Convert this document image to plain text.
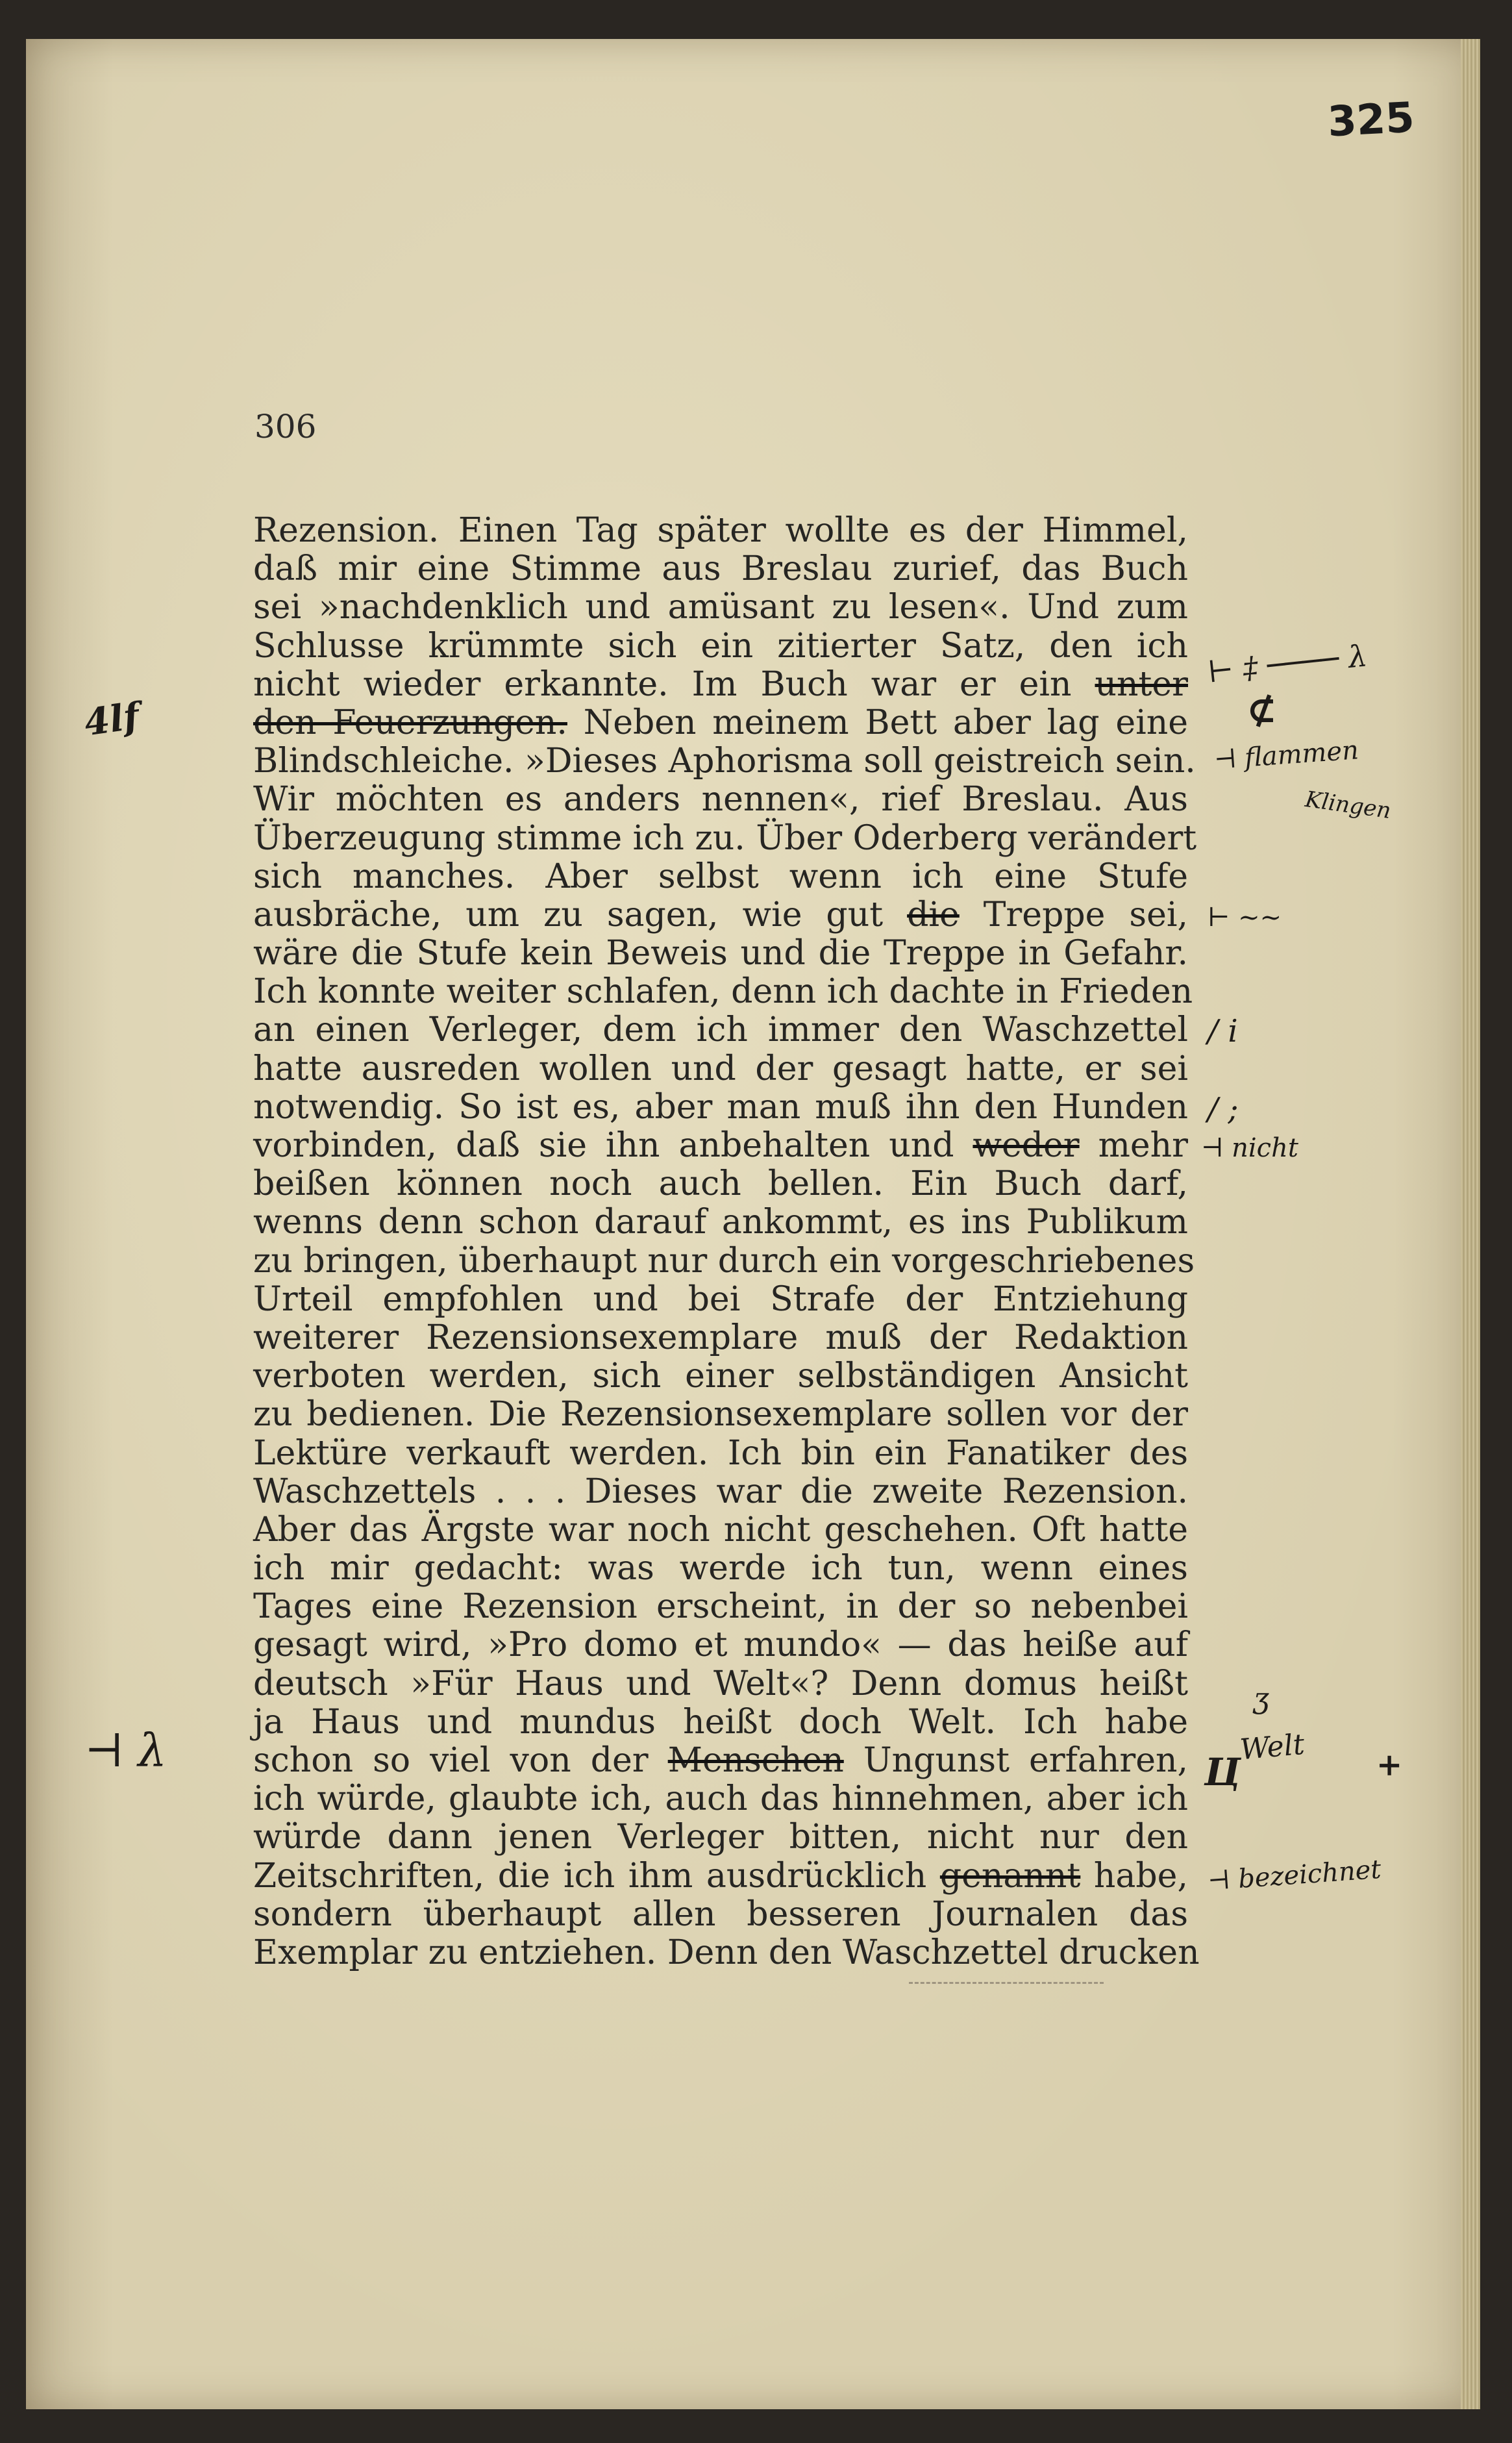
325
306
Rezension. Einen Tag später wollte es der Himmel,
daß mir eine Stimme aus Breslau zurief, das Buch
sei »nachdenklich und amüsant zu lesen«. Und zum
Schlusse krümmte sich ein zitierter Satz, den ich
nicht wieder erkannte. Im Buch war er ein unter
den Feuerzungen. Neben meinem Bett aber lag eine
Blindschleiche. »Dieses Aphorisma soll geistreich sein.
Wir möchten es anders nennen«, rief Breslau. Aus
Überzeugung stimme ich zu. Über Oderberg verändert
sich manches. Aber selbst wenn ich eine Stufe
ausbräche, um zu sagen, wie gut die Treppe sei,
wäre die Stufe kein Beweis und die Treppe in Gefahr.
Ich konnte weiter schlafen, denn ich dachte in Frieden
an einen Verleger, dem ich immer den Waschzettel
hatte ausreden wollen und der gesagt hatte, er sei
notwendig. So ist es, aber man muß ihn den Hunden
vorbinden, daß sie ihn anbehalten und weder mehr
beißen können noch auch bellen. Ein Buch darf,
wenns denn schon darauf ankommt, es ins Publikum
zu bringen, überhaupt nur durch ein vorgeschriebenes
Urteil empfohlen und bei Strafe der Entziehung
weiterer Rezensionsexemplare muß der Redaktion
verboten werden, sich einer selbständigen Ansicht
zu bedienen. Die Rezensionsexemplare sollen vor der
Lektüre verkauft werden. Ich bin ein Fanatiker des
Waschzettels . . . Dieses war die zweite Rezension.
Aber das Ärgste war noch nicht geschehen. Oft hatte
ich mir gedacht: was werde ich tun, wenn eines
Tages eine Rezension erscheint, in der so nebenbei
gesagt wird, »Pro domo et mundo« — das heiße auf
deutsch »Für Haus und Welt«? Denn domus heißt
ja Haus und mundus heißt doch Welt. Ich habe
schon so viel von der Menschen Ungunst erfahren,
ich würde, glaubte ich, auch das hinnehmen, aber ich
würde dann jenen Verleger bitten, nicht nur den
Zeitschriften, die ich ihm ausdrücklich genannt habe,
sondern überhaupt allen besseren Journalen das
Exemplar zu entziehen. Denn den Waschzettel drucken
4lf
⊣ λ
⊢ ‡ ──── λ
⊄
⊣ flammen
Klingen
⊢ ~~
/ i
/ ;
⊣ nicht
ʒ
Welt
Ц	+
⊣ bezeichnet
